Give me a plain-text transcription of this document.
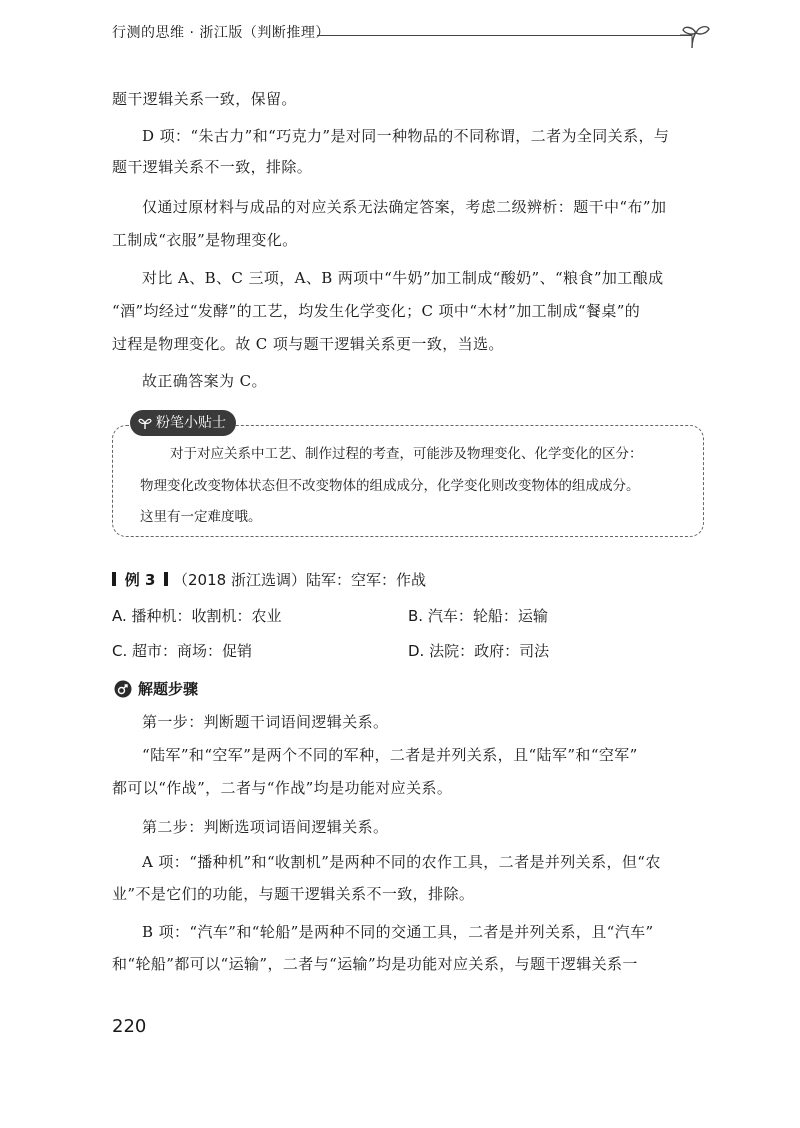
行测的思维 · 浙江版（判断推理）
题干逻辑关系一致，保留。
D 项：“朱古力”和“巧克力”是对同一种物品的不同称谓，二者为全同关系，与
题干逻辑关系不一致，排除。
仅通过原材料与成品的对应关系无法确定答案，考虑二级辨析：题干中“布”加
工制成“衣服”是物理变化。
对比 A、B、C 三项，A、B 两项中“牛奶”加工制成“酸奶”、“粮食”加工酿成
“酒”均经过“发酵”的工艺，均发生化学变化；C 项中“木材”加工制成“餐桌”的
过程是物理变化。故 C 项与题干逻辑关系更一致，当选。
故正确答案为 C。
粉笔小贴士
对于对应关系中工艺、制作过程的考查，可能涉及物理变化、化学变化的区分：
物理变化改变物体状态但不改变物体的组成成分，化学变化则改变物体的组成成分。
这里有一定难度哦。
例 3 （2018 浙江选调）陆军：空军：作战
A. 播种机：收割机：农业	B. 汽车：轮船：运输
C. 超市：商场：促销	D. 法院：政府：司法
解题步骤
第一步：判断题干词语间逻辑关系。
“陆军”和“空军”是两个不同的军种，二者是并列关系，且“陆军”和“空军”
都可以“作战”，二者与“作战”均是功能对应关系。
第二步：判断选项词语间逻辑关系。
A 项：“播种机”和“收割机”是两种不同的农作工具，二者是并列关系，但“农
业”不是它们的功能，与题干逻辑关系不一致，排除。
B 项：“汽车”和“轮船”是两种不同的交通工具，二者是并列关系，且“汽车”
和“轮船”都可以“运输”，二者与“运输”均是功能对应关系，与题干逻辑关系一
220
